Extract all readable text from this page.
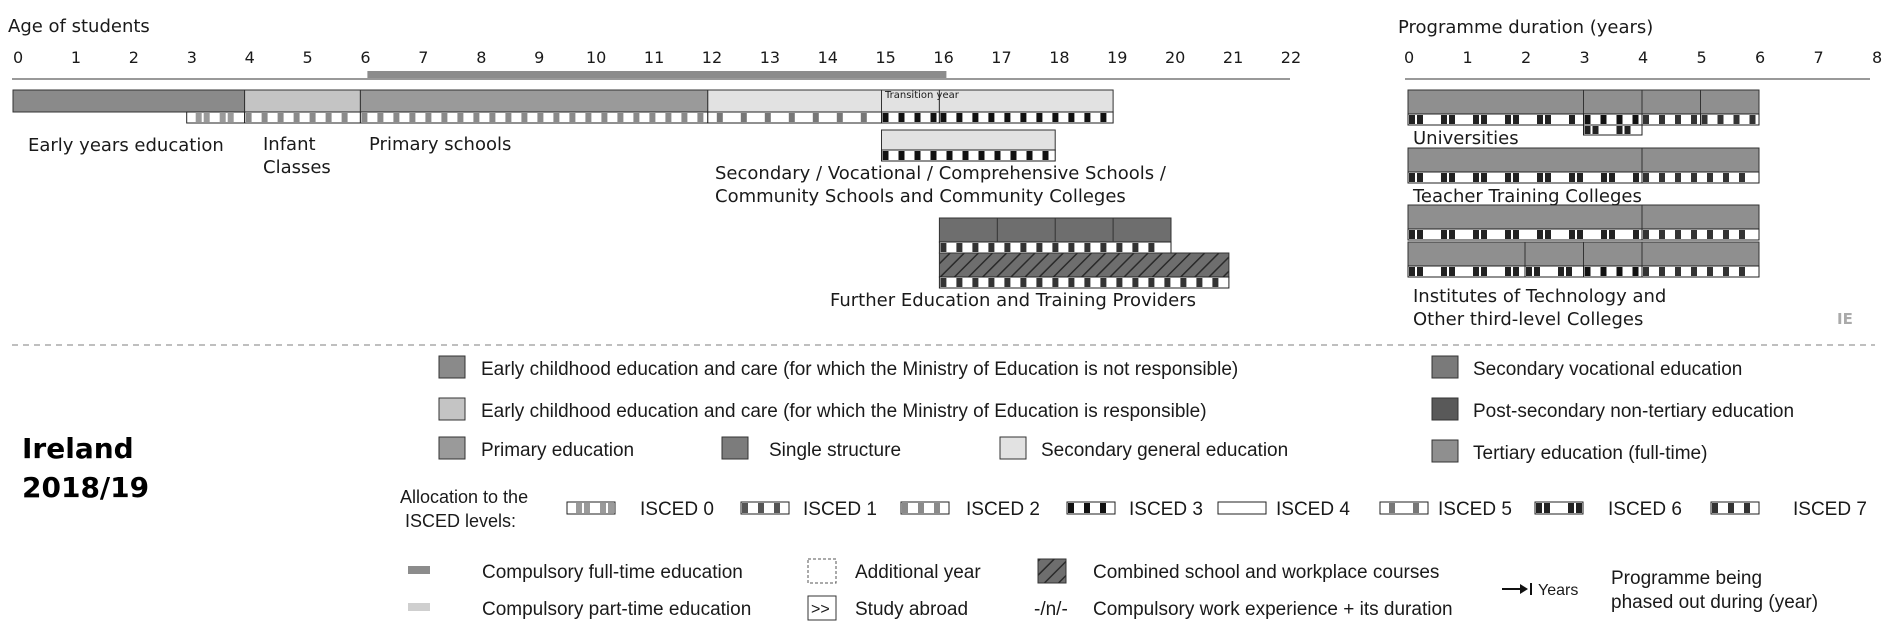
Age of students	Programme duration (years)
0	1	2	3	4	5	6	7	8	9	10 11 12 13 14 15 16 17 18 19 20 21 22	0	1	2	3	4	5	6	7	8
Transition year
Early years education Infant
Classes
Primary schools
Secondary / Vocational / Comprehensive Schools /
Community Schools and Community Colleges
Further Education and Training Providers
Universities
Teacher Training Colleges
Institutes of Technology and
Other third-level Colleges	IE
Ireland
2018/19
Early childhood education and care (for which the Ministry of Education is not responsible)
Early childhood education and care (for which the Ministry of Education is responsible)
Primary education	Single structure	Secondary general education
Secondary vocational education
Post-secondary non-tertiary education
Tertiary education (full-time)
Allocation to the
ISCED levels:
ISCED 0	ISCED 1	ISCED 2	ISCED 3	ISCED 4	ISCED 5	ISCED 6	ISCED 7
Compulsory full-time education
Compulsory part-time education
Additional year
>> Study abroad
Combined school and workplace courses
-/n/- Compulsory work experience + its duration
Years
Programme being
phased out during (year)
